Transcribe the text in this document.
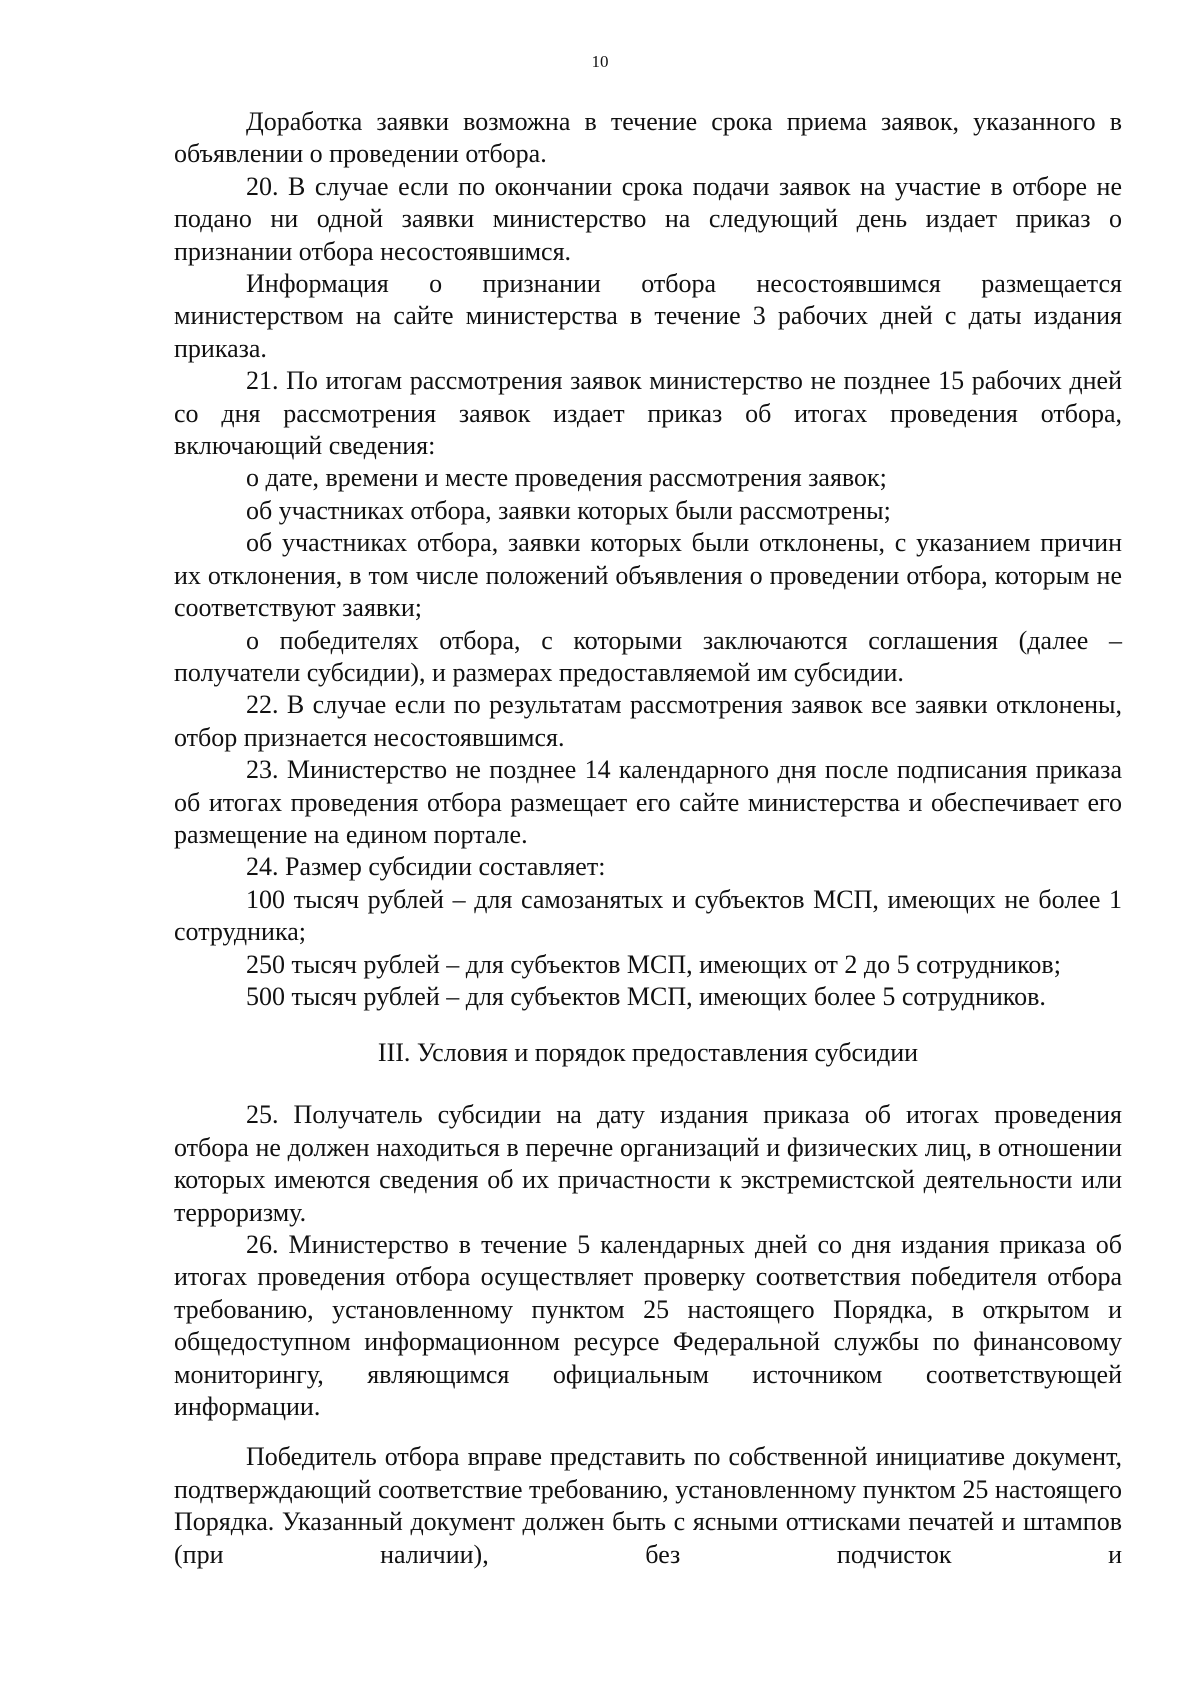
10

Доработка заявки возможна в течение срока приема заявок, указанного в объявлении о проведении отбора.

20. В случае если по окончании срока подачи заявок на участие в отборе не подано ни одной заявки министерство на следующий день издает приказ о признании отбора несостоявшимся.

Информация о признании отбора несостоявшимся размещается министерством на сайте министерства в течение 3 рабочих дней с даты издания приказа.

21. По итогам рассмотрения заявок министерство не позднее 15 рабочих дней со дня рассмотрения заявок издает приказ об итогах проведения отбора, включающий сведения:

о дате, времени и месте проведения рассмотрения заявок;

об участниках отбора, заявки которых были рассмотрены;

об участниках отбора, заявки которых были отклонены, с указанием причин их отклонения, в том числе положений объявления о проведении отбора, которым не соответствуют заявки;

о победителях отбора, с которыми заключаются соглашения (далее – получатели субсидии), и размерах предоставляемой им субсидии.

22. В случае если по результатам рассмотрения заявок все заявки отклонены, отбор признается несостоявшимся.

23. Министерство не позднее 14 календарного дня после подписания приказа об итогах проведения отбора размещает его сайте министерства и обеспечивает его размещение на едином портале.

24. Размер субсидии составляет:

100 тысяч рублей – для самозанятых и субъектов МСП, имеющих не более 1 сотрудника;

250 тысяч рублей – для субъектов МСП, имеющих от 2 до 5 сотрудников;

500 тысяч рублей – для субъектов МСП, имеющих более 5 сотрудников.

III. Условия и порядок предоставления субсидии

25. Получатель субсидии на дату издания приказа об итогах проведения отбора не должен находиться в перечне организаций и физических лиц, в отношении которых имеются сведения об их причастности к экстремистской деятельности или терроризму.

26. Министерство в течение 5 календарных дней со дня издания приказа об итогах проведения отбора осуществляет проверку соответствия победителя отбора требованию, установленному пунктом 25 настоящего Порядка, в открытом и общедоступном информационном ресурсе Федеральной службы по финансовому мониторингу, являющимся официальным источником соответствующей информации.

Победитель отбора вправе представить по собственной инициативе документ, подтверждающий соответствие требованию, установленному пунктом 25 настоящего Порядка. Указанный документ должен быть с ясными оттисками печатей и штампов (при наличии), без подчисток и
